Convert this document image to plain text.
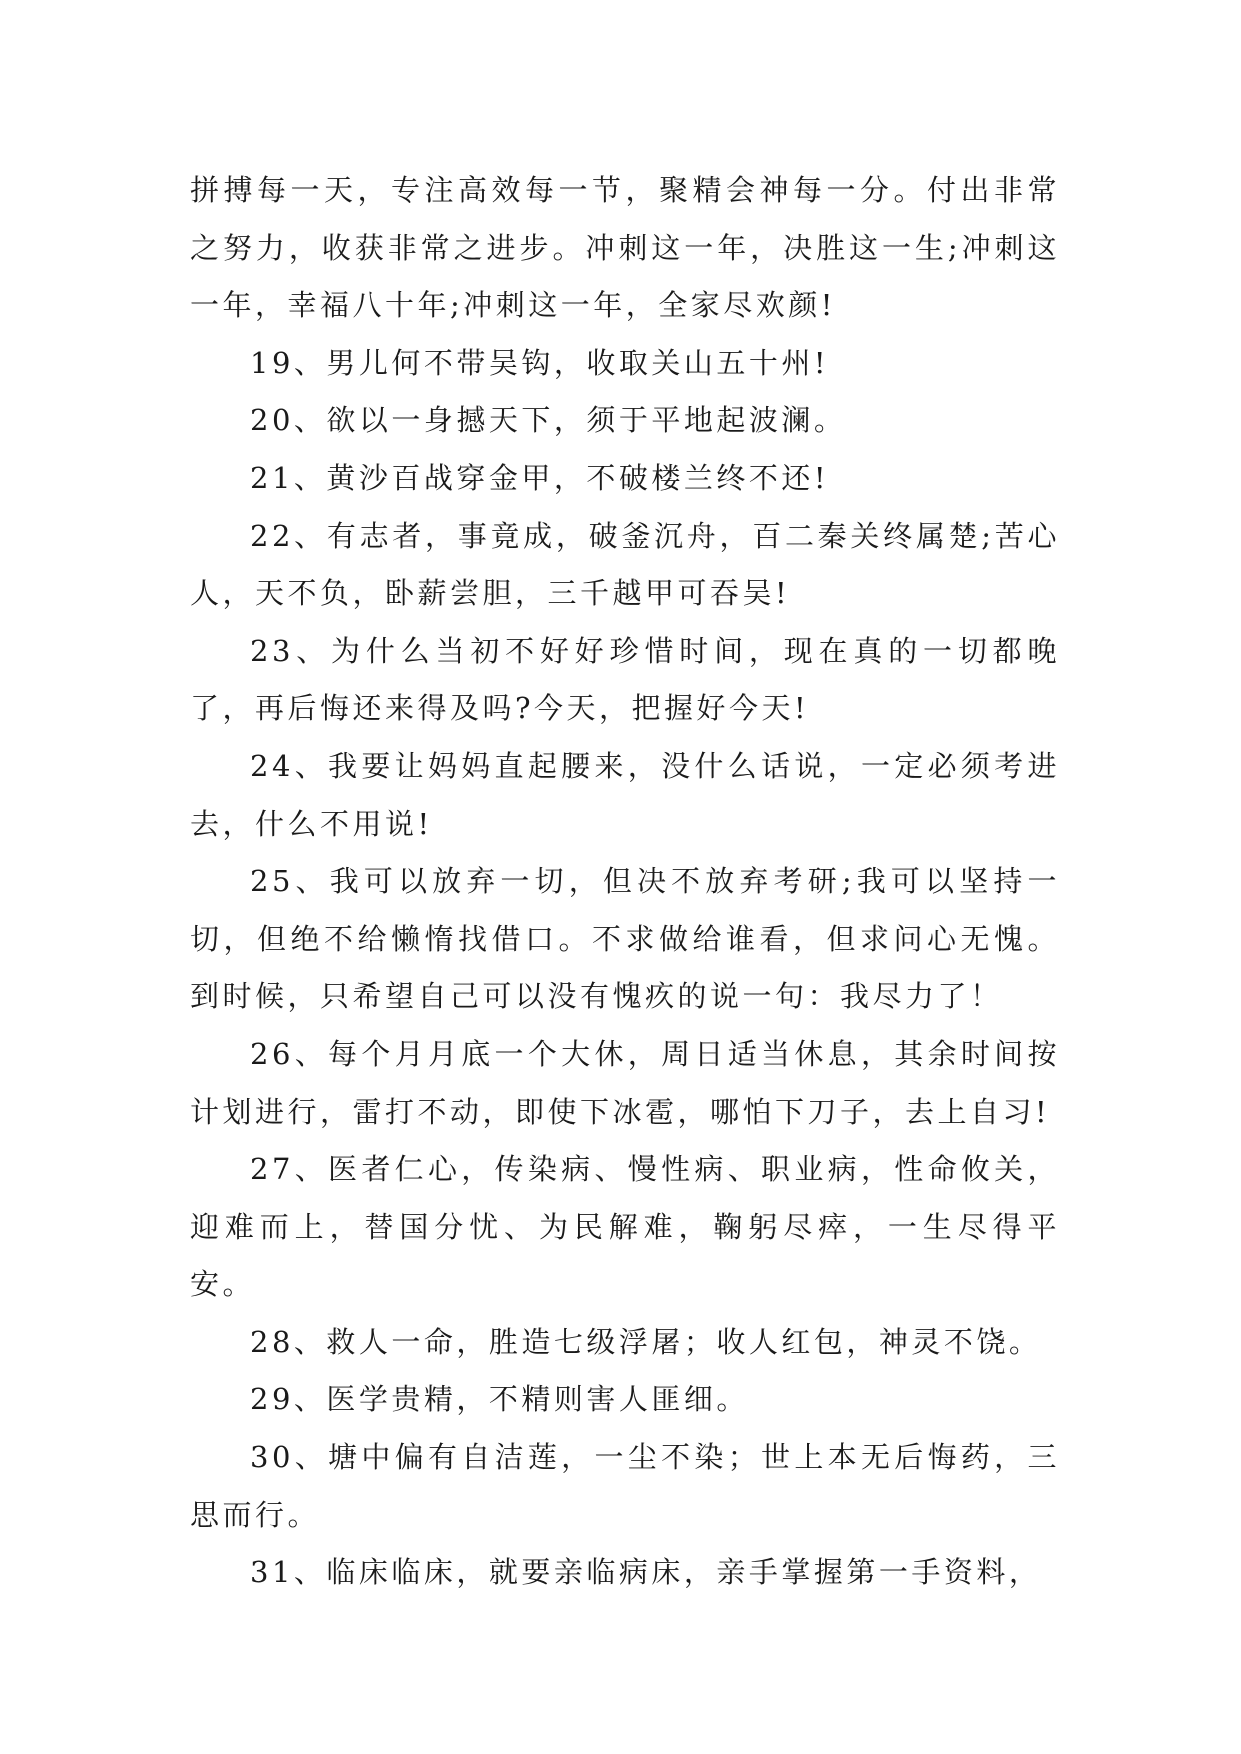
拼搏每一天，专注高效每一节，聚精会神每一分。付出非常之努力，收获非常之进步。冲刺这一年，决胜这一生;冲刺这一年，幸福八十年;冲刺这一年，全家尽欢颜!

19、男儿何不带吴钩，收取关山五十州!

20、欲以一身撼天下，须于平地起波澜。

21、黄沙百战穿金甲，不破楼兰终不还!

22、有志者，事竟成，破釜沉舟，百二秦关终属楚;苦心人，天不负，卧薪尝胆，三千越甲可吞吴!

23、为什么当初不好好珍惜时间，现在真的一切都晚了，再后悔还来得及吗?今天，把握好今天!

24、我要让妈妈直起腰来，没什么话说，一定必须考进去，什么不用说!

25、我可以放弃一切，但决不放弃考研;我可以坚持一切，但绝不给懒惰找借口。不求做给谁看，但求问心无愧。到时候，只希望自己可以没有愧疚的说一句：我尽力了！

26、每个月月底一个大休，周日适当休息，其余时间按计划进行，雷打不动，即使下冰雹，哪怕下刀子，去上自习!

27、医者仁心，传染病、慢性病、职业病，性命攸关，迎难而上，替国分忧、为民解难，鞠躬尽瘁，一生尽得平安。

28、救人一命，胜造七级浮屠；收人红包，神灵不饶。

29、医学贵精，不精则害人匪细。

30、塘中偏有自洁莲，一尘不染；世上本无后悔药，三思而行。

31、临床临床，就要亲临病床，亲手掌握第一手资料，
